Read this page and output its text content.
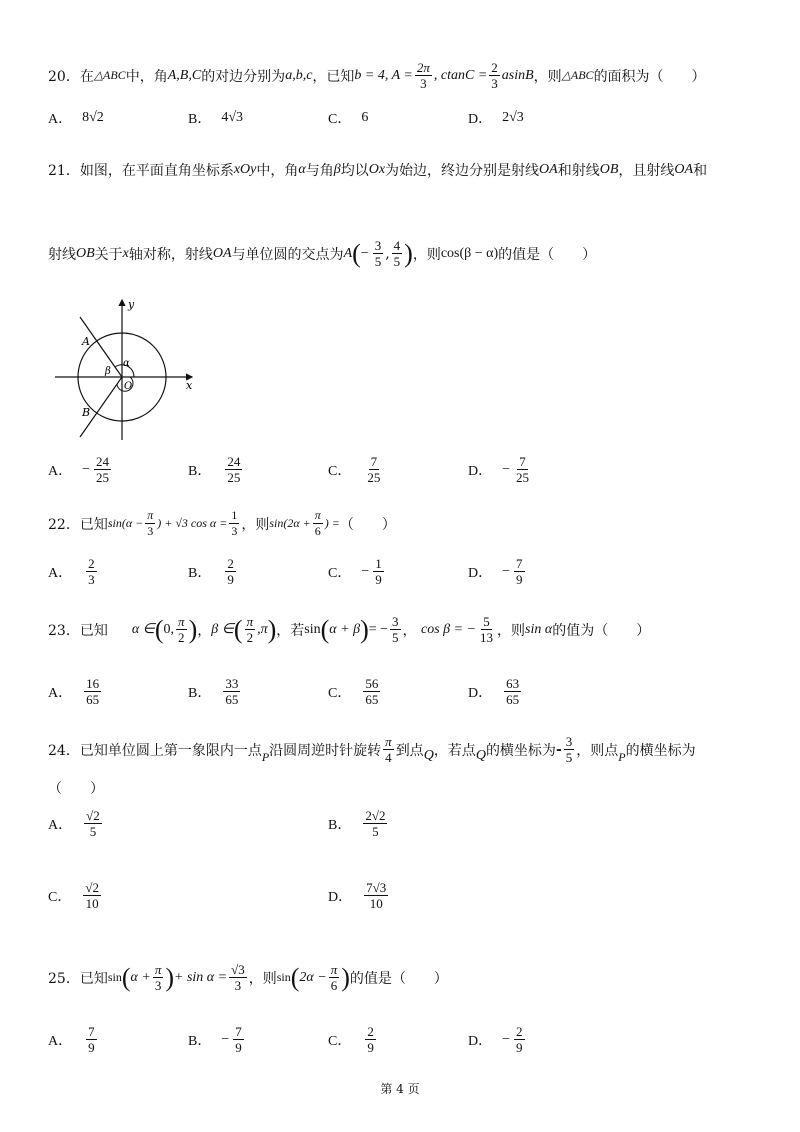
20． 在 △ABC 中，角 A,B,C 的对边分别为 a,b,c ，已知 b = 4, $A = \frac{2\pi}{3}$ , $ctanC = \frac{2}{3}$ asinB ，则 △ABC 的面积为（　　）
A． 8√2	B． 4√3	C． 6	D． 2√3
21． 如图，在平面直角坐标系 xOy 中，角 α 与角 β 均以 Ox 为始边，终边分别是射线 OA 和射线 OB ，且射线 OA 和
射线 OB 关于 x 轴对称，射线 OA 与单位圆的交点为 A ( − $\frac{3}{5}$ , $\frac{4}{5}$ ) ，则 cos(β − α) 的值是（　　）
y
x
A
B
O
α
β
A． − $\frac{24}{25}$	B． $\frac{24}{25}$	C． $\frac{7}{25}$	D． − $\frac{7}{25}$
22． 已知 $\sin(\alpha - \frac{\pi}{3}$ ) + √3 $\cos \alpha = \frac{1}{3}$ ，则 $\sin(2\alpha + \frac{\pi}{6}$ ) = （　　）
A． $\frac{2}{3}$	B． $\frac{2}{9}$	C． − $\frac{1}{9}$	D． − $\frac{7}{9}$
23． 已知 α ∈ ( 0, $\frac{\pi}{2}$ ) ， β ∈ ( $\frac{\pi}{2} ,\pi$ ) ，若 sin ( α + β ) = − $\frac{3}{5}$ ， cos β = − $\frac{5}{13}$ ，则 sin α 的值为（　　）
A． $\frac{16}{65}$	B． $\frac{33}{65}$	C． $\frac{56}{65}$	D． $\frac{63}{65}$
24． 已知单位圆上第一象限内一点 P 沿圆周逆时针旋转 $\frac{\pi}{4}$ 到点 Q ，若点 Q 的横坐标为 - $\frac{3}{5}$ ，则点 P 的横坐标为
（　　）
A． $\frac{√2}{5}$	B． $\frac{2√2}{5}$
C． $\frac{√2}{10}$	D． $\frac{7√3}{10}$
25． 已知 sin ( $\alpha + \frac{\pi}{3}$ ) + $\sin \alpha = \frac{√3}{3}$ ，则 sin ( $2\alpha - \frac{\pi}{6}$ ) 的值是（　　）
A． $\frac{7}{9}$	B． − $\frac{7}{9}$	C． $\frac{2}{9}$	D． − $\frac{2}{9}$
第 4 页
